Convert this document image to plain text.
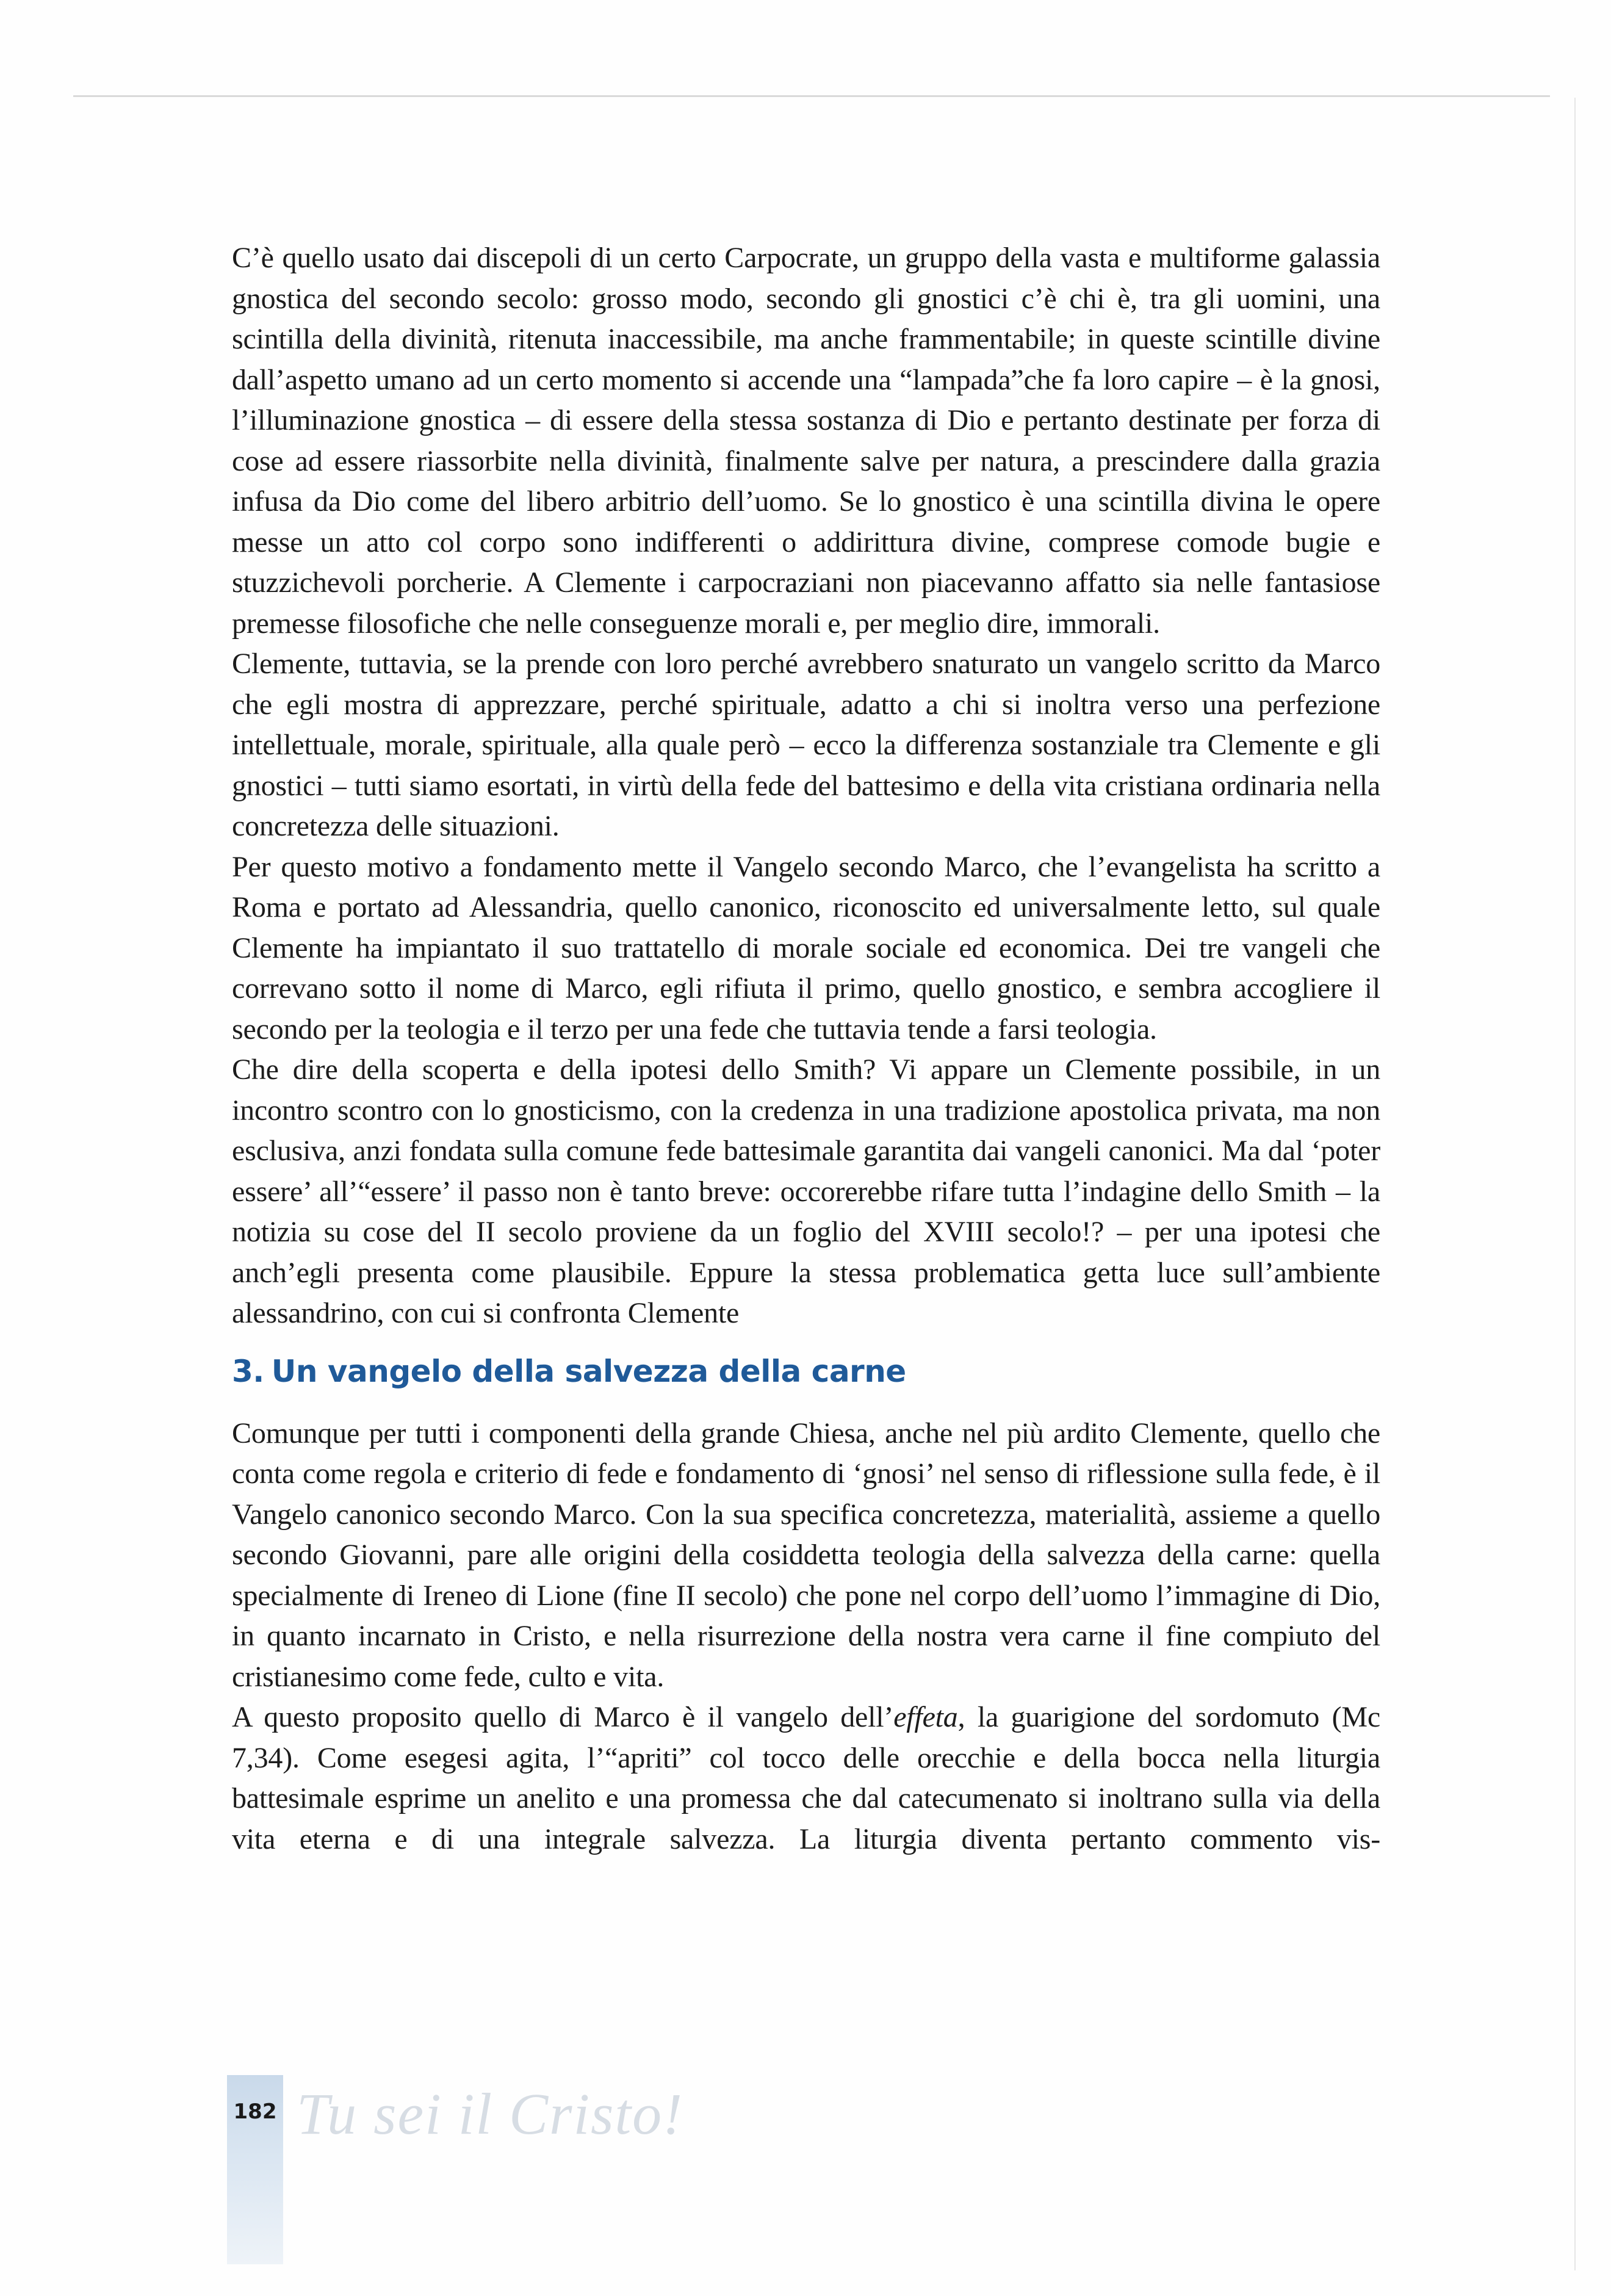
C’è quello usato dai discepoli di un certo Carpocrate, un gruppo della vasta e multiforme galassia gnostica del secondo secolo: grosso modo, secondo gli gnostici c’è chi è, tra gli uomini, una scintilla della divinità, ritenuta inaccessibile, ma anche frammentabile; in queste scintille divine dall’aspetto umano ad un certo momento si accende una “lampada”che fa loro capire – è la gnosi, l’illuminazione gnostica – di essere della stessa sostanza di Dio e pertanto destinate per forza di cose ad essere riassorbite nella divinità, finalmente salve per natura, a prescindere dalla grazia infusa da Dio come del libero arbitrio dell’uomo. Se lo gnostico è una scintilla divina le opere messe un atto col corpo sono indifferenti o addirittura divine, comprese comode bugie e stuzzichevoli porcherie. A Clemente i carpocraziani non piacevanno affatto sia nelle fantasiose premesse filosofiche che nelle conseguenze morali e, per meglio dire, immorali.

Clemente, tuttavia, se la prende con loro perché avrebbero snaturato un vangelo scritto da Marco che egli mostra di apprezzare, perché spirituale, adatto a chi si inoltra verso una perfezione intellettuale, morale, spirituale, alla quale però – ecco la differenza sostanziale tra Clemente e gli gnostici – tutti siamo esortati, in virtù della fede del battesimo e della vita cristiana ordinaria nella concretezza delle situazioni.

Per questo motivo a fondamento mette il Vangelo secondo Marco, che l’evangelista ha scritto a Roma e portato ad Alessandria, quello canonico, riconoscito ed universalmente letto, sul quale Clemente ha impiantato il suo trattatello di morale sociale ed economica. Dei tre vangeli che correvano sotto il nome di Marco, egli rifiuta il primo, quello gnostico, e sembra accogliere il secondo per la teologia e il terzo per una fede che tuttavia tende a farsi teologia.

Che dire della scoperta e della ipotesi dello Smith? Vi appare un Clemente possibile, in un incontro scontro con lo gnosticismo, con la credenza in una tradizione apostolica privata, ma non esclusiva, anzi fondata sulla comune fede battesimale garantita dai vangeli canonici. Ma dal ‘poter essere’ all’“essere’ il passo non è tanto breve: occorerebbe rifare tutta l’indagine dello Smith – la notizia su cose del II secolo proviene da un foglio del XVIII secolo!? – per una ipotesi che anch’egli presenta come plausibile. Eppure la stessa problematica getta luce sull’ambiente alessandrino, con cui si confronta Clemente

3. Un vangelo della salvezza della carne

Comunque per tutti i componenti della grande Chiesa, anche nel più ardito Clemente, quello che conta come regola e criterio di fede e fondamento di ‘gnosi’ nel senso di riflessione sulla fede, è il Vangelo canonico secondo Marco. Con la sua specifica concretezza, materialità, assieme a quello secondo Giovanni, pare alle origini della cosiddetta teologia della salvezza della carne: quella specialmente di Ireneo di Lione (fine II secolo) che pone nel corpo dell’uomo l’immagine di Dio, in quanto incarnato in Cristo, e nella risurrezione della nostra vera carne il fine compiuto del cristianesimo come fede, culto e vita.

A questo proposito quello di Marco è il vangelo dell’effeta, la guarigione del sordomuto (Mc 7,34). Come esegesi agita, l’“apriti” col tocco delle orecchie e della bocca nella liturgia battesimale esprime un anelito e una promessa che dal catecumenato si inoltrano sulla via della vita eterna e di una integrale salvezza. La liturgia diventa pertanto commento vis-

182 Tu sei il Cristo!
